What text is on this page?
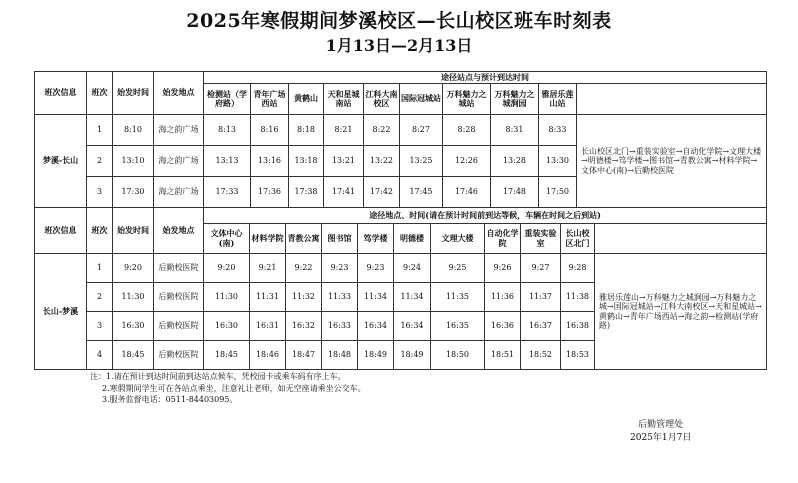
2025年寒假期间梦溪校区—长山校区班车时刻表
1月13日—2月13日
班次信息	班次	始发时间	始发地点	途径站点与预计到达时间									
				检测站（学府路）	青年广场西站	黄鹤山	天和星城南站	江科大南校区	国际冠城站	万科魅力之城站	万科魅力之城涧园	雅居乐莲山站	
梦溪-长山	1	8:10	海之韵广场	8:13	8:16	8:18	8:21	8:22	8:27	8:28	8:31	8:33	长山校区北门→重装实验室→自动化学院→文理大楼→明德楼→笃学楼→图书馆→青教公寓→材料学院→文体中心(南)→后勤校医院
	2	13:10	海之韵广场	13:13	13:16	13:18	13:21	13:22	13:25	12:26	13:28	13:30	
	3	17:30	海之韵广场	17:33	17:36	17:38	17:41	17:42	17:45	17:46	17:48	17:50	
班次信息	班次	始发时间	始发地点	途径地点、时间(请在预计时间前到达等候，车辆在时间之后到站)										
				文体中心(南)	材料学院	青教公寓	图书馆	笃学楼	明德楼	文理大楼	自动化学院	重装实验室	长山校区北门	
长山-梦溪	1	9:20	后勤校医院	9:20	9:21	9:22	9:23	9:23	9:24	9:25	9:26	9:27	9:28	雅居乐莲山→万科魅力之城涧园→万科魅力之城→国际冠城站→江科大南校区→天和星城站→黄鹤山→青年广场西站→海之韵→检测站(学府路)
	2	11:30	后勤校医院	11:30	11:31	11:32	11:33	11:34	11:34	11:35	11:36	11:37	11:38	
	3	16:30	后勤校医院	16:30	16:31	16:32	16:33	16:34	16:34	16:35	16:36	16:37	16:38	
	4	18:45	后勤校医院	18:45	18:46	18:47	18:48	18:49	18:49	18:50	18:51	18:52	18:53	
注：1.请在预计到达时间前到达站点候车，凭校园卡或乘车码有序上车。
2.寒假期间学生可在各站点乘坐，注意礼让老师，如无空座请乘坐公交车。
3.服务监督电话：0511-84403095。
后勤管理处
2025年1月7日
